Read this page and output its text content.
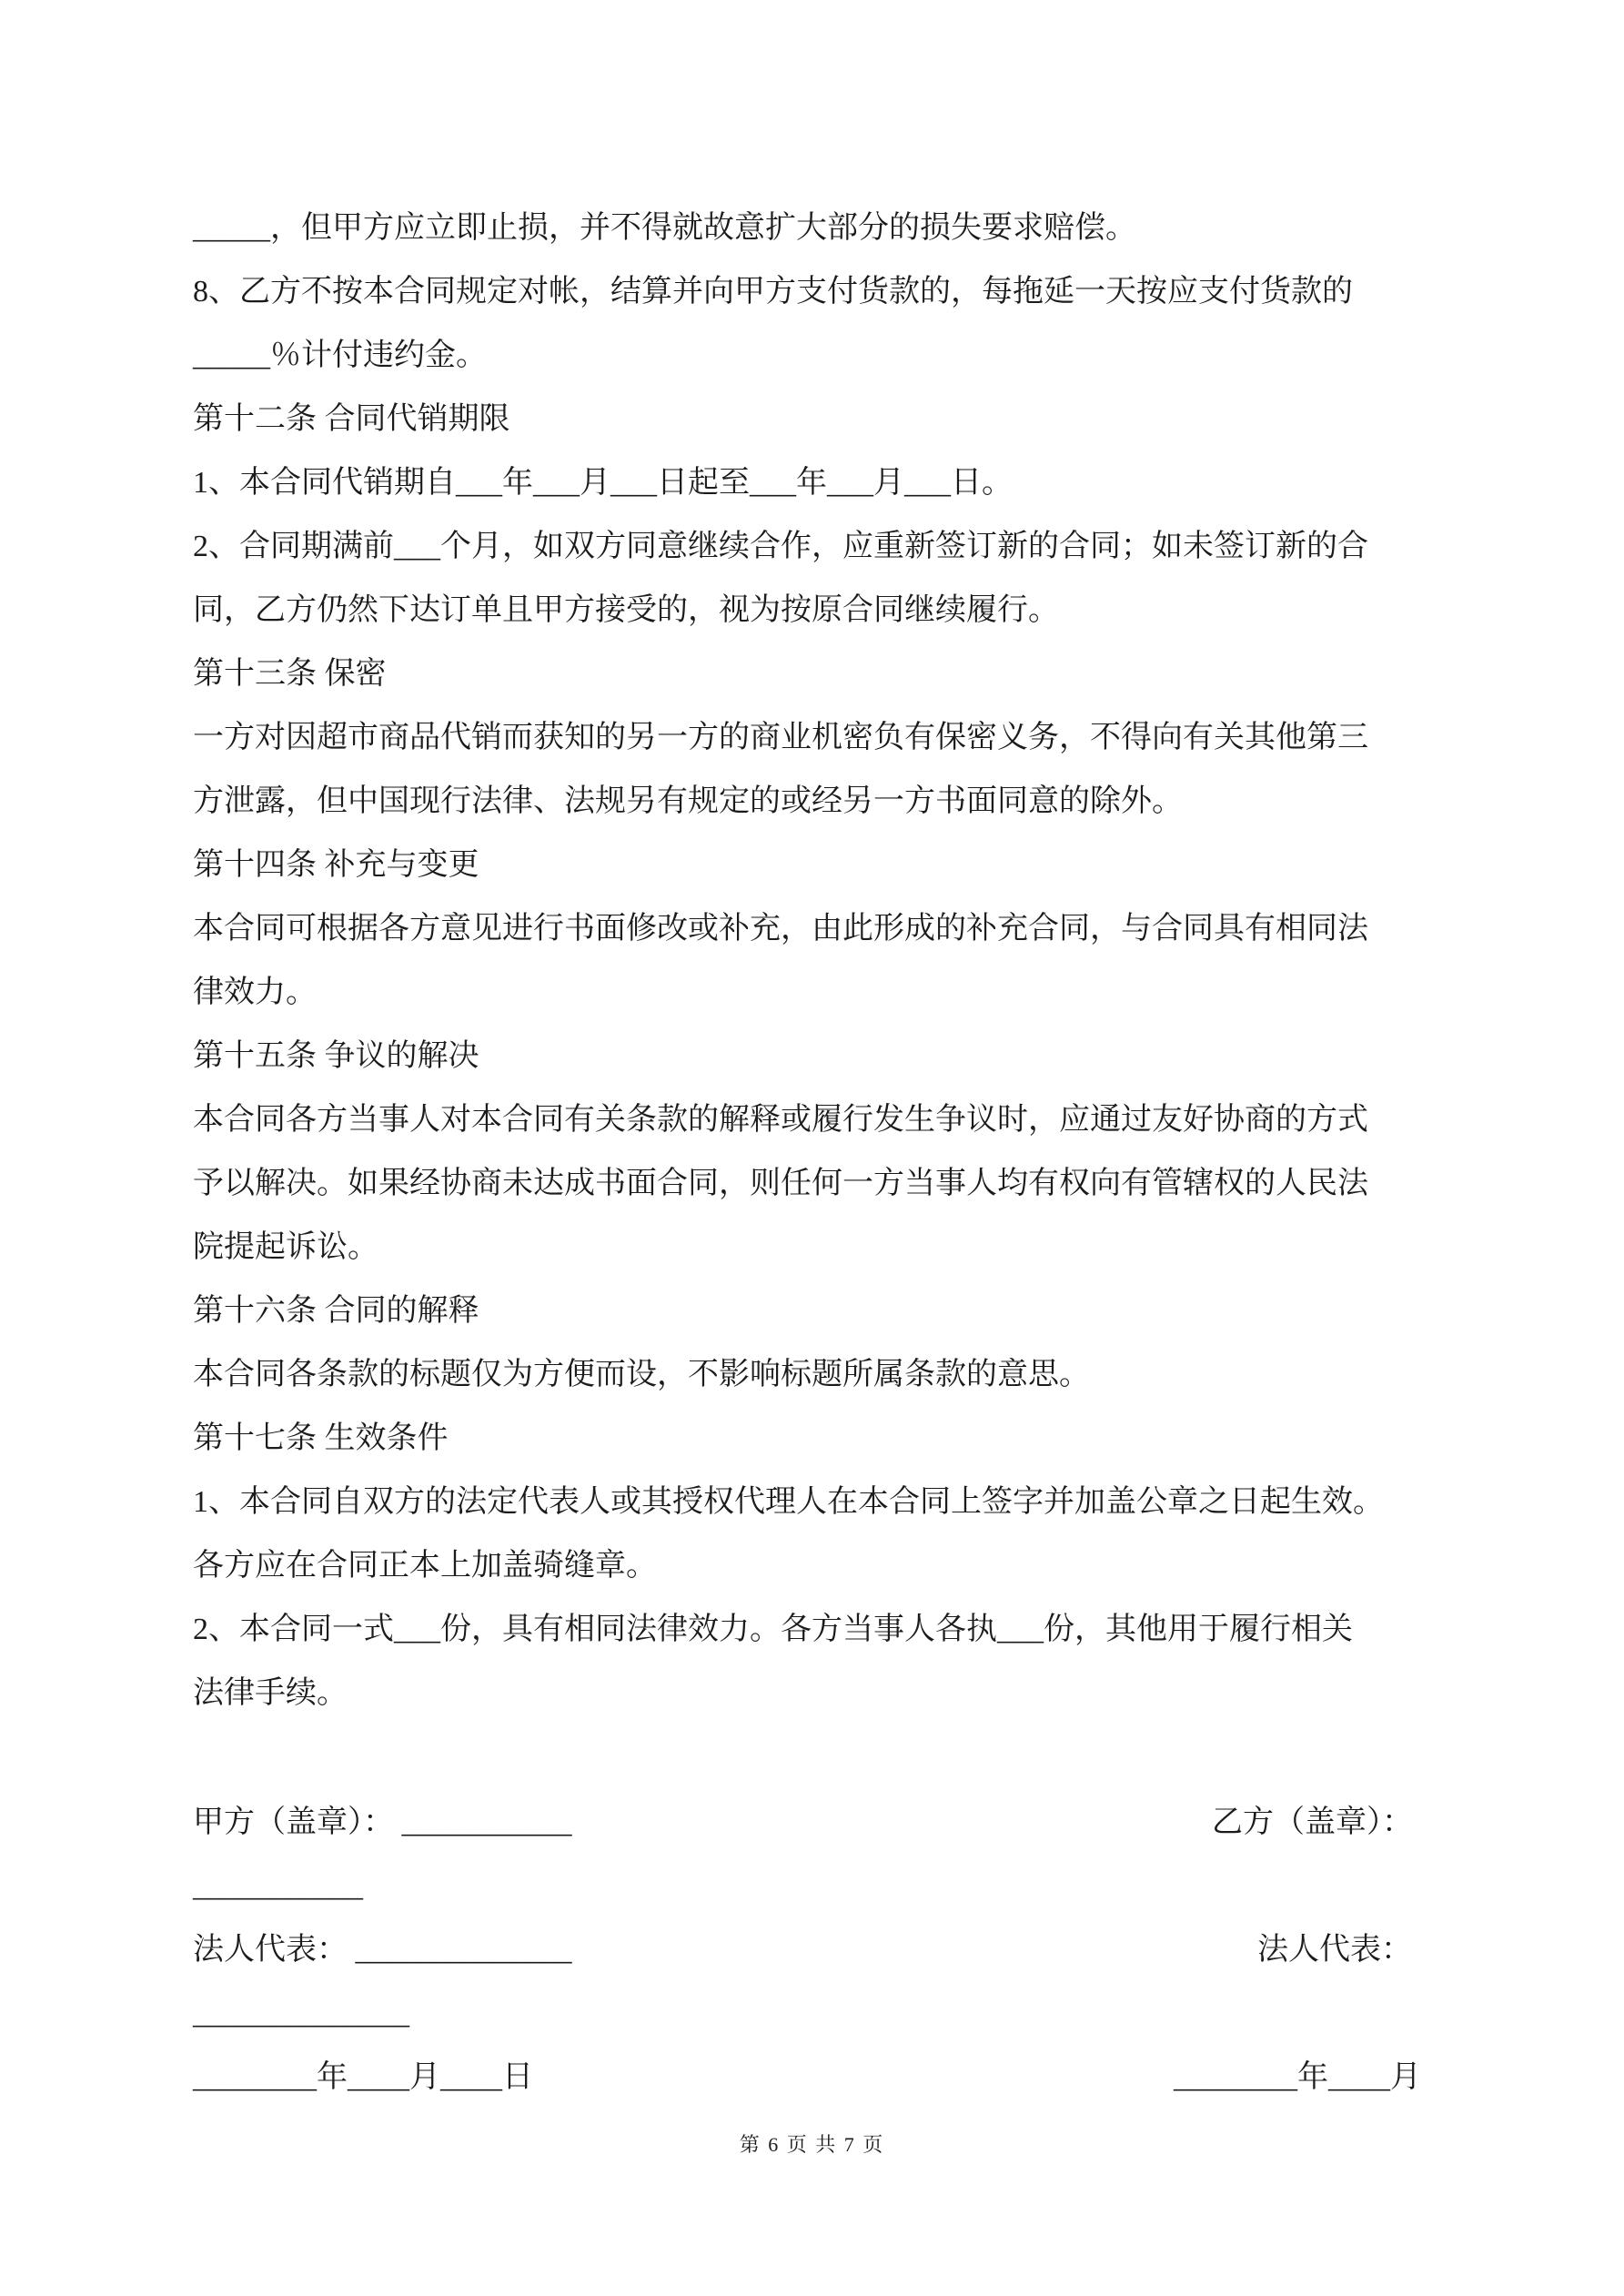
_____，但甲方应立即止损，并不得就故意扩大部分的损失要求赔偿。
8、乙方不按本合同规定对帐，结算并向甲方支付货款的，每拖延一天按应支付货款的
_____％计付违约金。
第十二条 合同代销期限
1、本合同代销期自___年___月___日起至___年___月___日。
2、合同期满前___个月，如双方同意继续合作，应重新签订新的合同；如未签订新的合
同，乙方仍然下达订单且甲方接受的，视为按原合同继续履行。
第十三条 保密
一方对因超市商品代销而获知的另一方的商业机密负有保密义务，不得向有关其他第三
方泄露，但中国现行法律、法规另有规定的或经另一方书面同意的除外。
第十四条 补充与变更
本合同可根据各方意见进行书面修改或补充，由此形成的补充合同，与合同具有相同法
律效力。
第十五条 争议的解决
本合同各方当事人对本合同有关条款的解释或履行发生争议时，应通过友好协商的方式
予以解决。如果经协商未达成书面合同，则任何一方当事人均有权向有管辖权的人民法
院提起诉讼。
第十六条 合同的解释
本合同各条款的标题仅为方便而设，不影响标题所属条款的意思。
第十七条 生效条件
1、本合同自双方的法定代表人或其授权代理人在本合同上签字并加盖公章之日起生效。
各方应在合同正本上加盖骑缝章。
2、本合同一式___份，具有相同法律效力。各方当事人各执___份，其他用于履行相关
法律手续。
甲方（盖章）： ___________	乙方（盖章）：
___________
法人代表： ______________	法人代表：
______________
________年____月____日	________年____月
第 6 页 共 7 页
